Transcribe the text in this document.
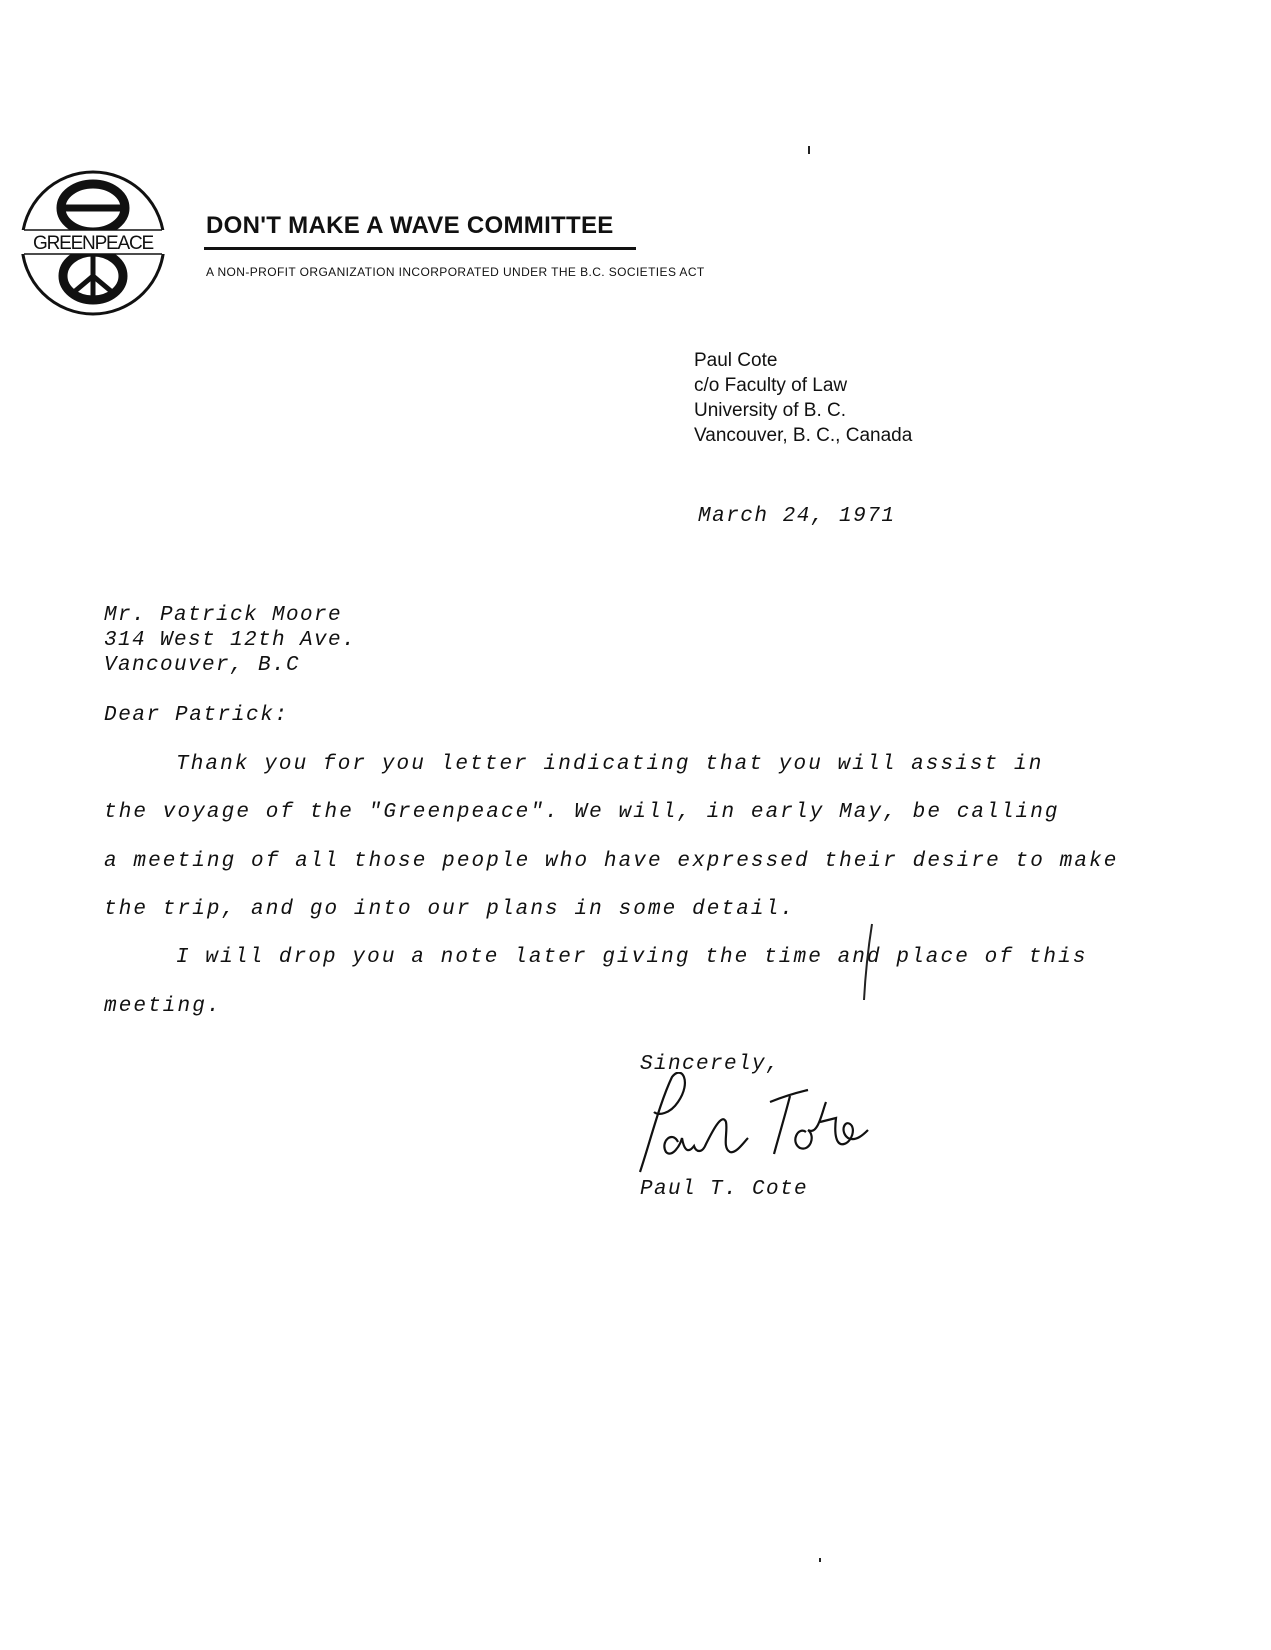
GREENPEACE
DON'T MAKE A WAVE COMMITTEE
A NON-PROFIT ORGANIZATION INCORPORATED UNDER THE B.C. SOCIETIES ACT
Paul Cote
c/o Faculty of Law
University of B. C.
Vancouver, B. C., Canada
March 24, 1971
Mr. Patrick Moore
314 West 12th Ave.
Vancouver, B.C
Dear Patrick:
Thank you for you letter indicating that you will assist in
the voyage of the "Greenpeace". We will, in early May, be calling
a meeting of all those people who have expressed their desire to make
the trip, and go into our plans in some detail.
I will drop you a note later giving the time and place of this
meeting.
Sincerely,
Paul T. Cote
